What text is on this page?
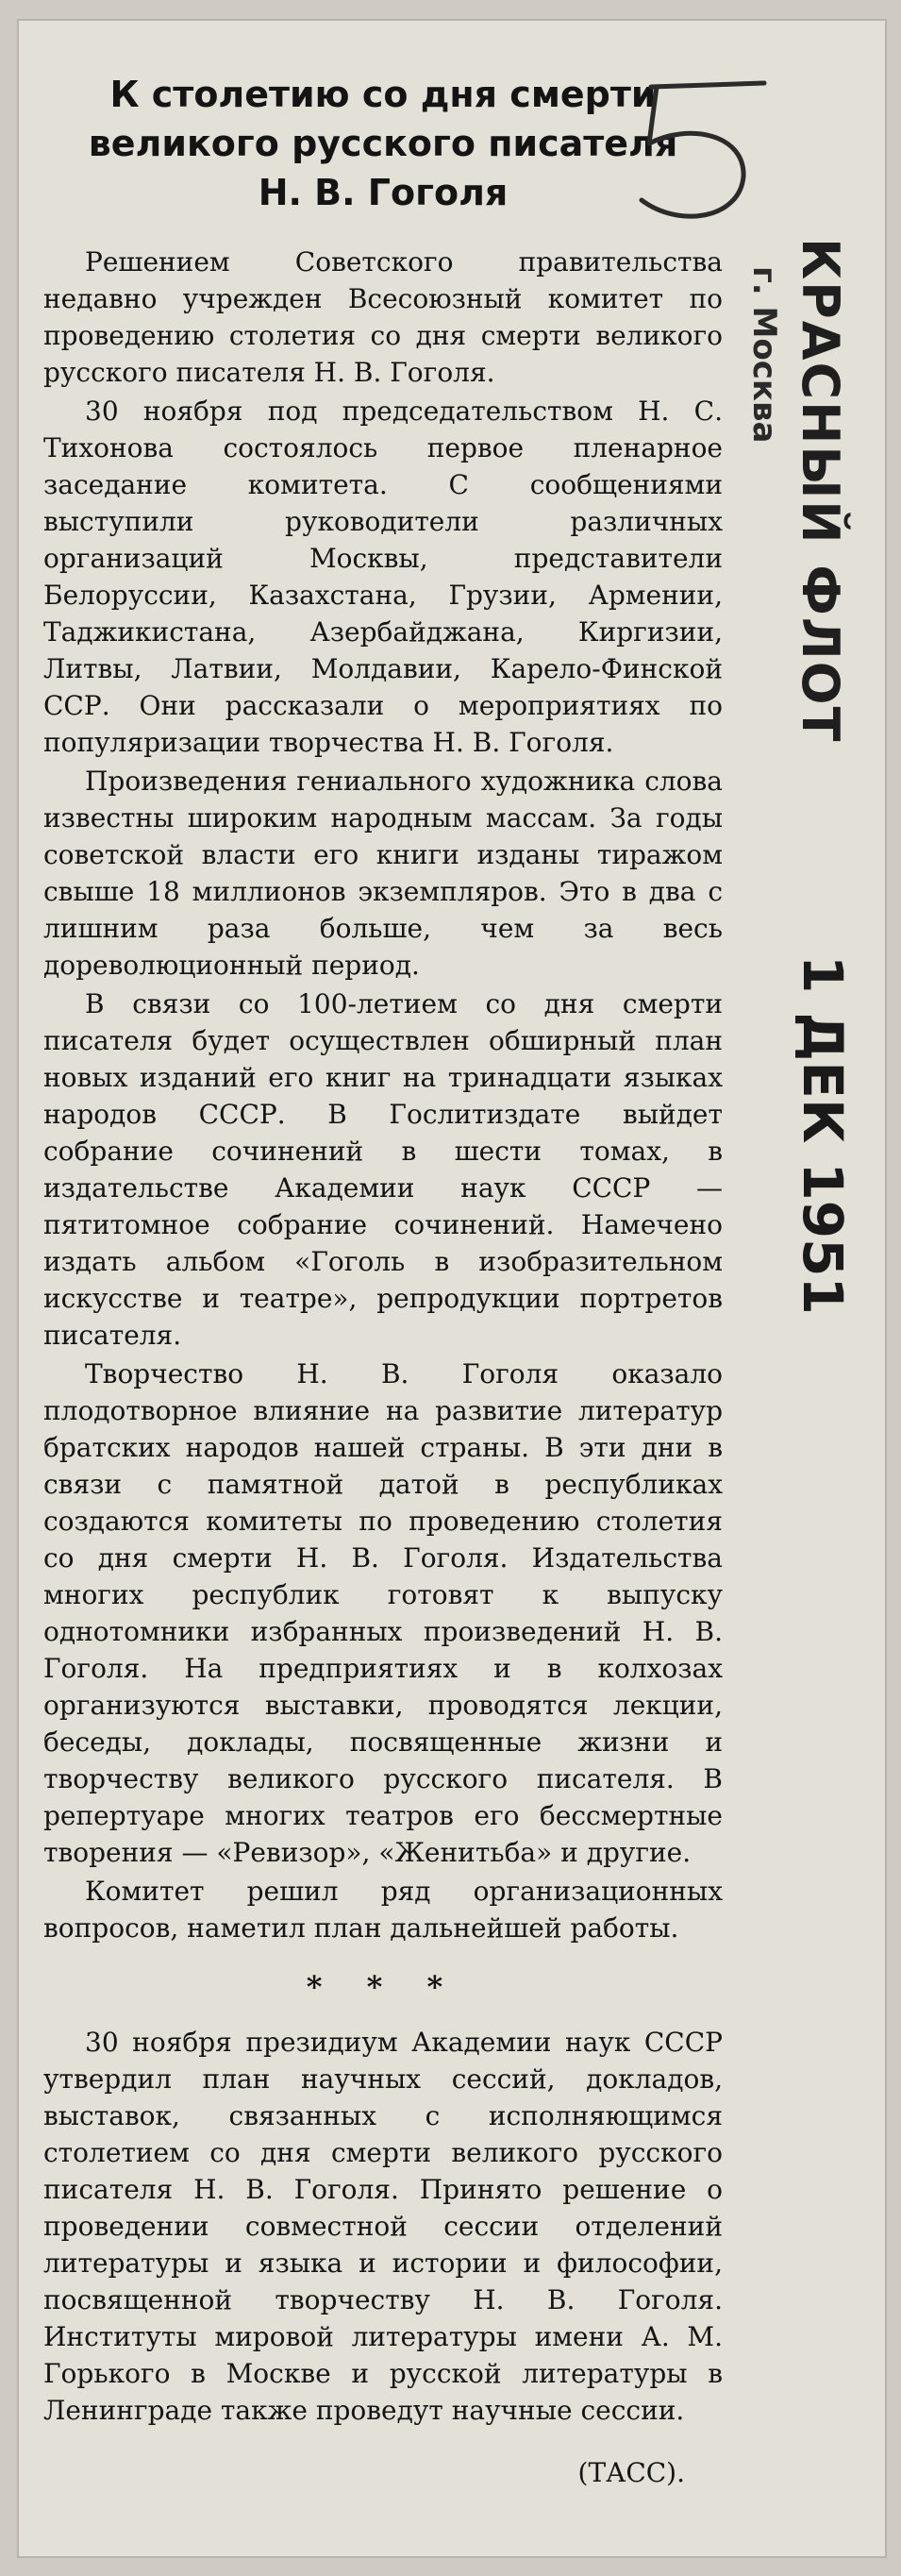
К столетию со дня смерти
великого русского писателя
Н. В. Гоголя

Решением Советского правительства недавно учрежден Всесоюзный комитет по проведению столетия со дня смерти великого русского писателя Н. В. Гоголя.

30 ноября под председательством Н. С. Тихонова состоялось первое пленарное заседание комитета. С сообщениями выступили руководители различных организаций Москвы, представители Белоруссии, Казахстана, Грузии, Армении, Таджикистана, Азербайджана, Киргизии, Литвы, Латвии, Молдавии, Карело-Финской ССР. Они рассказали о мероприятиях по популяризации творчества Н. В. Гоголя.

Произведения гениального художника слова известны широким народным массам. За годы советской власти его книги изданы тиражом свыше 18 миллионов экземпляров. Это в два с лишним раза больше, чем за весь дореволюционный период.

В связи со 100-летием со дня смерти писателя будет осуществлен обширный план новых изданий его книг на тринадцати языках народов СССР. В Гослитиздате выйдет собрание сочинений в шести томах, в издательстве Академии наук СССР — пятитомное собрание сочинений. Намечено издать альбом «Гоголь в изобразительном искусстве и театре», репродукции портретов писателя.

Творчество Н. В. Гоголя оказало плодотворное влияние на развитие литератур братских народов нашей страны. В эти дни в связи с памятной датой в республиках создаются комитеты по проведению столетия со дня смерти Н. В. Гоголя. Издательства многих республик готовят к выпуску однотомники избранных произведений Н. В. Гоголя. На предприятиях и в колхозах организуются выставки, проводятся лекции, беседы, доклады, посвященные жизни и творчеству великого русского писателя. В репертуаре многих театров его бессмертные творения — «Ревизор», «Женитьба» и другие.

Комитет решил ряд организационных вопросов, наметил план дальнейшей работы.

* * *

30 ноября президиум Академии наук СССР утвердил план научных сессий, докладов, выставок, связанных с исполняющимся столетием со дня смерти великого русского писателя Н. В. Гоголя. Принято решение о проведении совместной сессии отделений литературы и языка и истории и философии, посвященной творчеству Н. В. Гоголя. Институты мировой литературы имени А. М. Горького в Москве и русской литературы в Ленинграде также проведут научные сессии.

(ТАСС).
КРАСНЫЙ ФЛОТ
г. Москва
1 ДЕК 1951
